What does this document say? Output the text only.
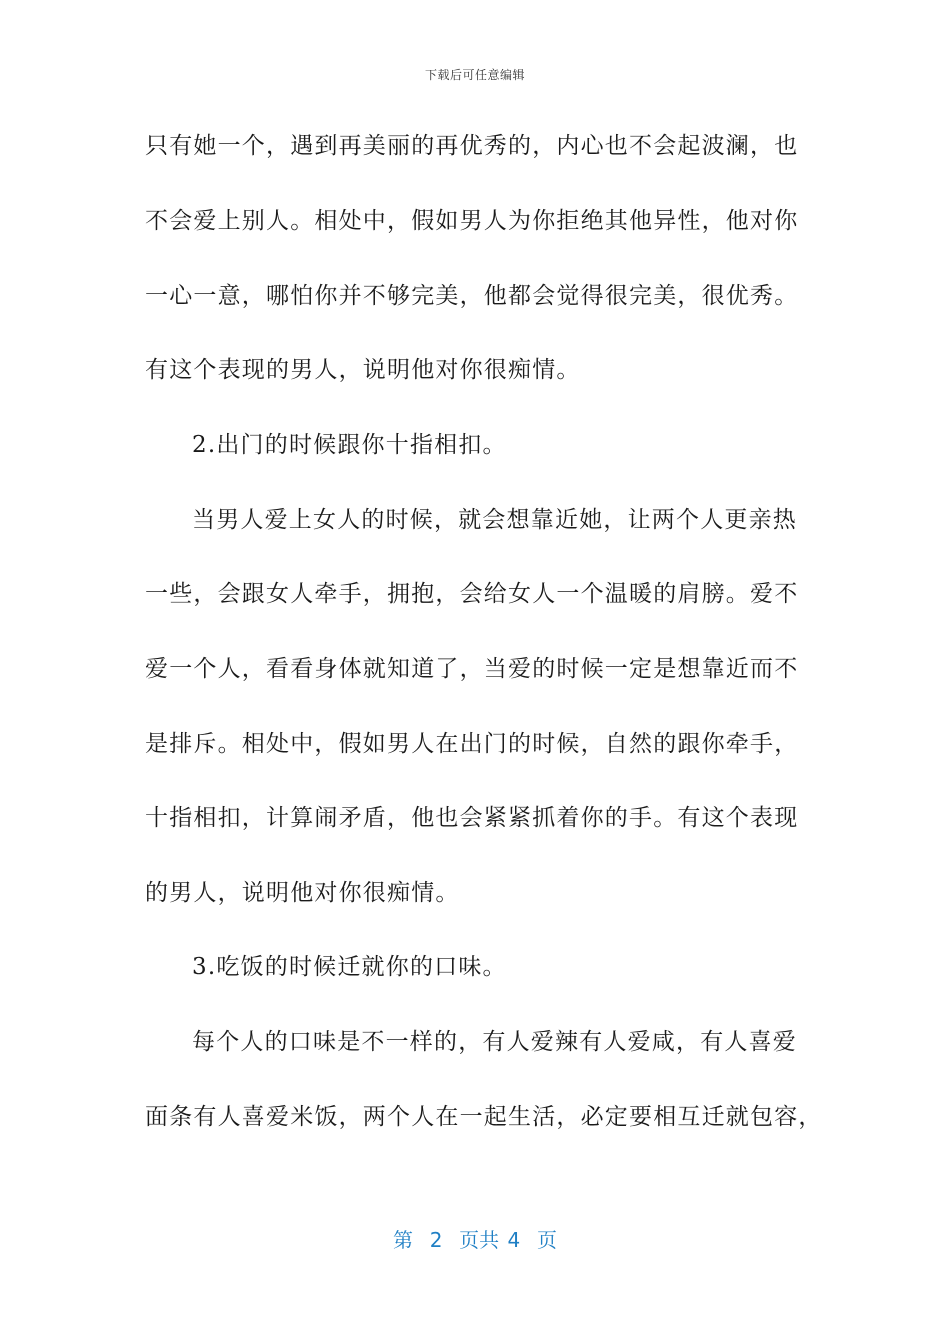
下载后可任意编辑
只有她一个，遇到再美丽的再优秀的，内心也不会起波澜，也
不会爱上别人。相处中，假如男人为你拒绝其他异性，他对你
一心一意，哪怕你并不够完美，他都会觉得很完美，很优秀。
有这个表现的男人，说明他对你很痴情。
2.出门的时候跟你十指相扣。
当男人爱上女人的时候，就会想靠近她，让两个人更亲热
一些，会跟女人牵手，拥抱，会给女人一个温暖的肩膀。爱不
爱一个人，看看身体就知道了，当爱的时候一定是想靠近而不
是排斥。相处中，假如男人在出门的时候，自然的跟你牵手，
十指相扣，计算闹矛盾，他也会紧紧抓着你的手。有这个表现
的男人，说明他对你很痴情。
3.吃饭的时候迁就你的口味。
每个人的口味是不一样的，有人爱辣有人爱咸，有人喜爱
面条有人喜爱米饭，两个人在一起生活，必定要相互迁就包容，
第  2  页共 4  页
